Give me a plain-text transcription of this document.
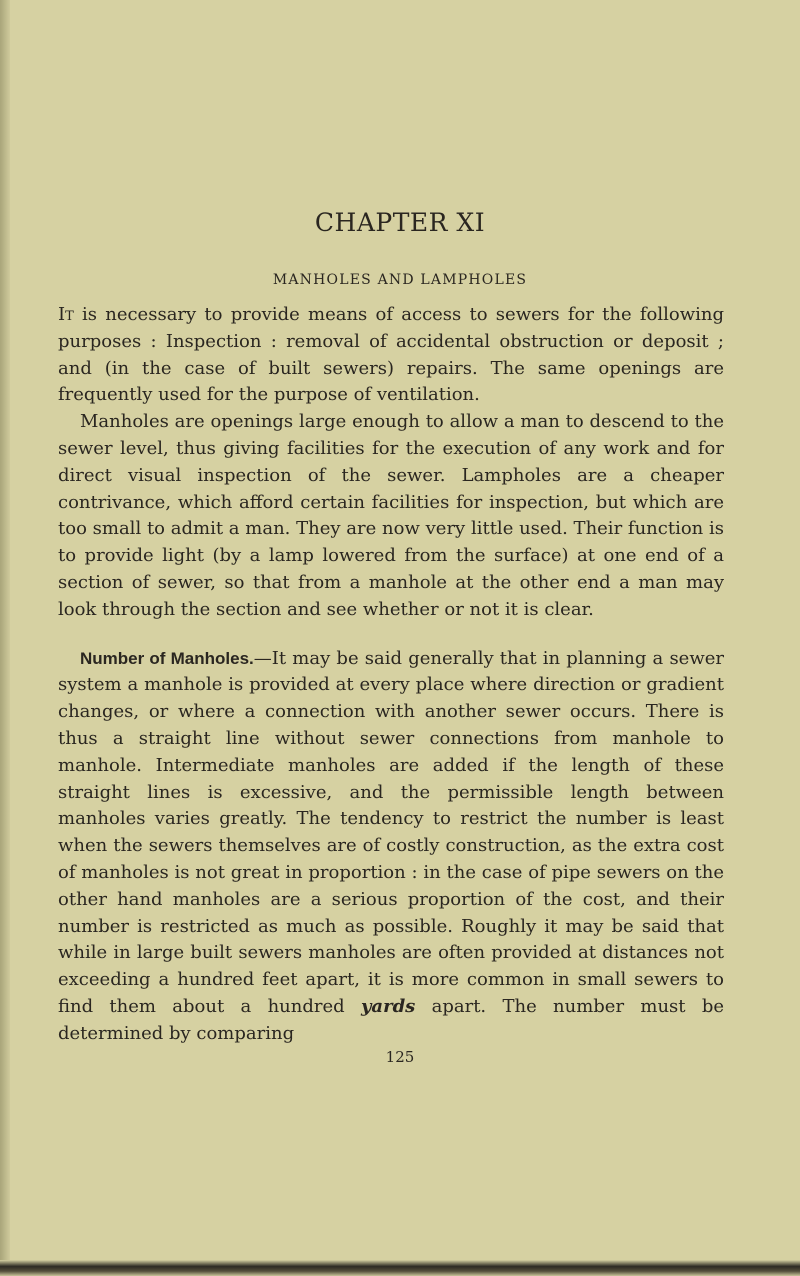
CHAPTER XI
MANHOLES AND LAMPHOLES

It is necessary to provide means of access to sewers for the following purposes : Inspection : removal of accidental obstruction or deposit ; and (in the case of built sewers) repairs. The same openings are frequently used for the purpose of ventilation.

Manholes are openings large enough to allow a man to descend to the sewer level, thus giving facilities for the execution of any work and for direct visual inspection of the sewer. Lampholes are a cheaper contrivance, which afford certain facilities for inspection, but which are too small to admit a man. They are now very little used. Their function is to provide light (by a lamp lowered from the surface) at one end of a section of sewer, so that from a manhole at the other end a man may look through the section and see whether or not it is clear.

Number of Manholes.—It may be said generally that in planning a sewer system a manhole is provided at every place where direction or gradient changes, or where a connection with another sewer occurs. There is thus a straight line without sewer connections from manhole to manhole. Intermediate manholes are added if the length of these straight lines is excessive, and the permissible length between manholes varies greatly. The tendency to restrict the number is least when the sewers themselves are of costly construction, as the extra cost of manholes is not great in proportion : in the case of pipe sewers on the other hand manholes are a serious proportion of the cost, and their number is restricted as much as possible. Roughly it may be said that while in large built sewers manholes are often provided at distances not exceeding a hundred feet apart, it is more common in small sewers to find them about a hundred yards apart. The number must be determined by comparing

125
